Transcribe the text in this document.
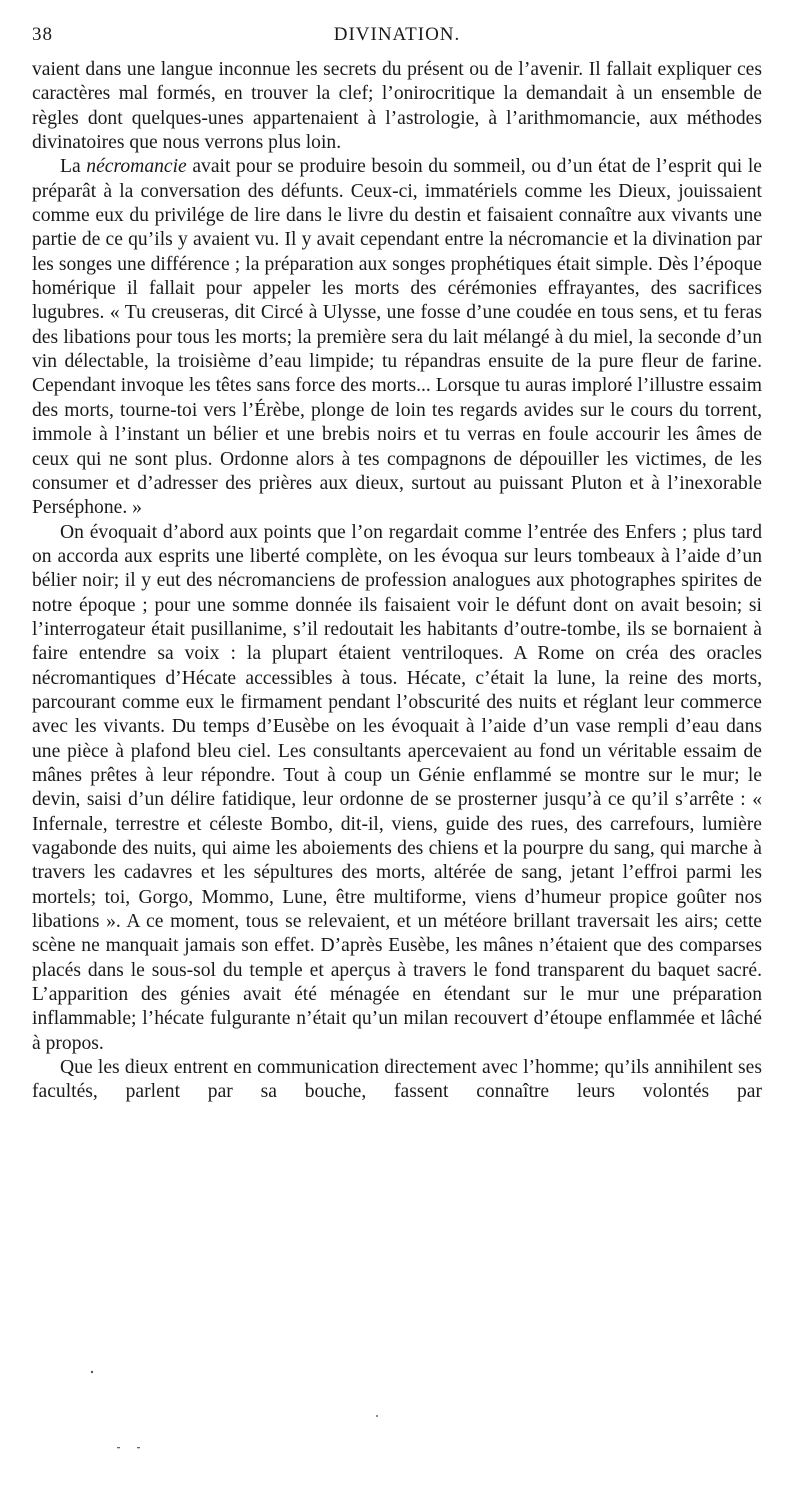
38	DIVINATION.

vaient dans une langue inconnue les secrets du présent ou de l’avenir. Il fallait expliquer ces caractères mal formés, en trouver la clef; l’onirocritique la demandait à un ensemble de règles dont quelques-unes appartenaient à l’astrologie, à l’arithmomancie, aux méthodes divinatoires que nous verrons plus loin.

La nécromancie avait pour se produire besoin du sommeil, ou d’un état de l’esprit qui le préparât à la conversation des défunts. Ceux-ci, immatériels comme les Dieux, jouissaient comme eux du privilége de lire dans le livre du destin et faisaient connaître aux vivants une partie de ce qu’ils y avaient vu. Il y avait cependant entre la nécromancie et la divination par les songes une différence ; la préparation aux songes prophétiques était simple. Dès l’époque homérique il fallait pour appeler les morts des cérémonies effrayantes, des sacrifices lugubres. « Tu creuseras, dit Circé à Ulysse, une fosse d’une coudée en tous sens, et tu feras des libations pour tous les morts; la première sera du lait mélangé à du miel, la seconde d’un vin délectable, la troisième d’eau limpide; tu répandras ensuite de la pure fleur de farine. Cependant invoque les têtes sans force des morts... Lorsque tu auras imploré l’illustre essaim des morts, tourne-toi vers l’Érèbe, plonge de loin tes regards avides sur le cours du torrent, immole à l’instant un bélier et une brebis noirs et tu verras en foule accourir les âmes de ceux qui ne sont plus. Ordonne alors à tes compagnons de dépouiller les victimes, de les consumer et d’adresser des prières aux dieux, surtout au puissant Pluton et à l’inexorable Perséphone. »

On évoquait d’abord aux points que l’on regardait comme l’entrée des Enfers ; plus tard on accorda aux esprits une liberté complète, on les évoqua sur leurs tombeaux à l’aide d’un bélier noir; il y eut des nécromanciens de profession analogues aux photographes spirites de notre époque ; pour une somme donnée ils faisaient voir le défunt dont on avait besoin; si l’interrogateur était pusillanime, s’il redoutait les habitants d’outre-tombe, ils se bornaient à faire entendre sa voix : la plupart étaient ventriloques. A Rome on créa des oracles nécromantiques d’Hécate accessibles à tous. Hécate, c’était la lune, la reine des morts, parcourant comme eux le firmament pendant l’obscurité des nuits et réglant leur commerce avec les vivants. Du temps d’Eusèbe on les évoquait à l’aide d’un vase rempli d’eau dans une pièce à plafond bleu ciel. Les consultants apercevaient au fond un véritable essaim de mânes prêtes à leur répondre. Tout à coup un Génie enflammé se montre sur le mur; le devin, saisi d’un délire fatidique, leur ordonne de se prosterner jusqu’à ce qu’il s’arrête : « Infernale, terrestre et céleste Bombo, dit-il, viens, guide des rues, des carrefours, lumière vagabonde des nuits, qui aime les aboiements des chiens et la pourpre du sang, qui marche à travers les cadavres et les sépultures des morts, altérée de sang, jetant l’effroi parmi les mortels; toi, Gorgo, Mommo, Lune, être multiforme, viens d’humeur propice goûter nos libations ». A ce moment, tous se relevaient, et un météore brillant traversait les airs; cette scène ne manquait jamais son effet. D’après Eusèbe, les mânes n’étaient que des comparses placés dans le sous-sol du temple et aperçus à travers le fond transparent du baquet sacré. L’apparition des génies avait été ménagée en étendant sur le mur une préparation inflammable; l’hécate fulgurante n’était qu’un milan recouvert d’étoupe enflammée et lâché à propos.

Que les dieux entrent en communication directement avec l’homme; qu’ils annihilent ses facultés, parlent par sa bouche, fassent connaître leurs volontés par
